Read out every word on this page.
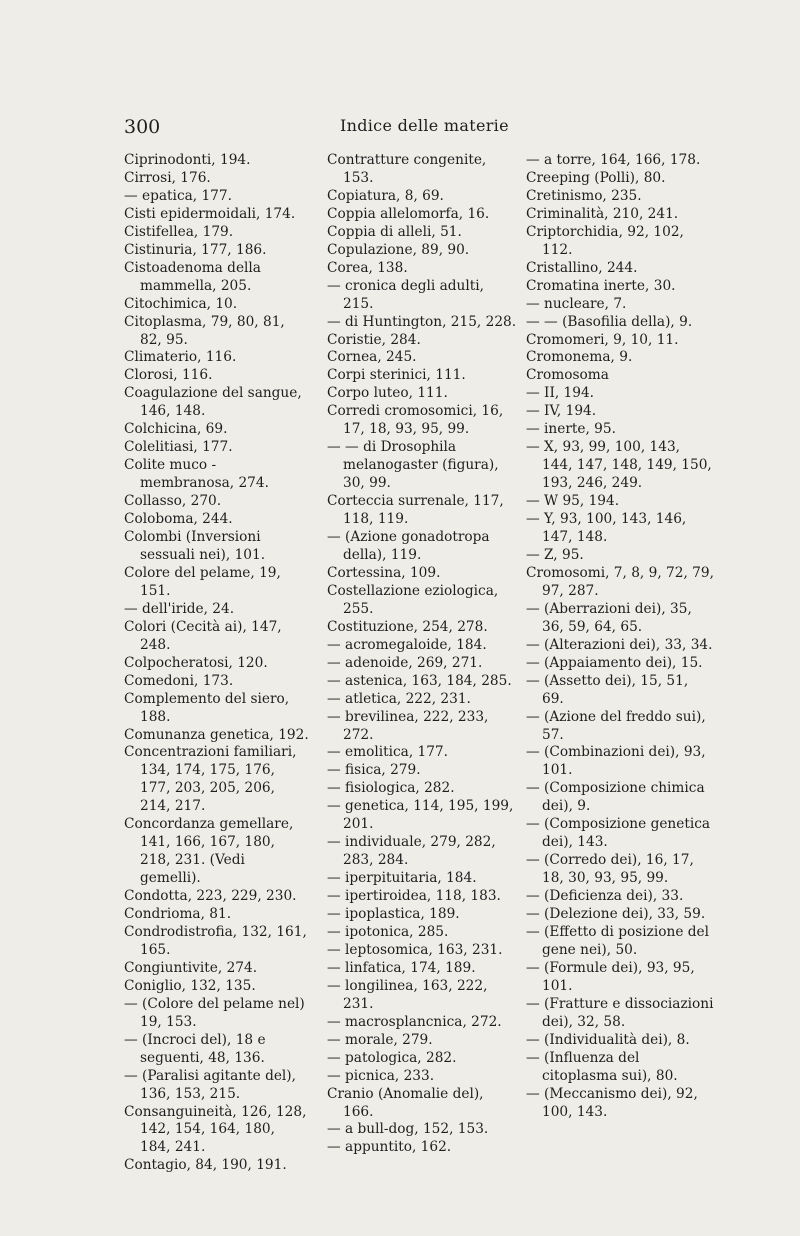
300	Indice delle materie
Ciprinodonti, 194.
Cirrosi, 176.
— epatica, 177.
Cisti epidermoidali, 174.
Cistifellea, 179.
Cistinuria, 177, 186.
Cistoadenoma della mammella, 205.
Citochimica, 10.
Citoplasma, 79, 80, 81, 82, 95.
Climaterio, 116.
Clorosi, 116.
Coagulazione del sangue, 146, 148.
Colchicina, 69.
Colelitiasi, 177.
Colite muco - membranosa, 274.
Collasso, 270.
Coloboma, 244.
Colombi (Inversioni sessuali nei), 101.
Colore del pelame, 19, 151.
— dell'iride, 24.
Colori (Cecità ai), 147, 248.
Colpocheratosi, 120.
Comedoni, 173.
Complemento del siero, 188.
Comunanza genetica, 192.
Concentrazioni familiari, 134, 174, 175, 176, 177, 203, 205, 206, 214, 217.
Concordanza gemellare, 141, 166, 167, 180, 218, 231. (Vedi gemelli).
Condotta, 223, 229, 230.
Condrioma, 81.
Condrodistrofia, 132, 161, 165.
Congiuntivite, 274.
Coniglio, 132, 135.
— (Colore del pelame nel) 19, 153.
— (Incroci del), 18 e seguenti, 48, 136.
— (Paralisi agitante del), 136, 153, 215.
Consanguineità, 126, 128, 142, 154, 164, 180, 184, 241.
Contagio, 84, 190, 191.
Contratture congenite, 153.
Copiatura, 8, 69.
Coppia allelomorfa, 16.
Coppia di alleli, 51.
Copulazione, 89, 90.
Corea, 138.
— cronica degli adulti, 215.
— di Huntington, 215, 228.
Coristie, 284.
Cornea, 245.
Corpi sterinici, 111.
Corpo luteo, 111.
Corredi cromosomici, 16, 17, 18, 93, 95, 99.
— — di Drosophila melanogaster (figura), 30, 99.
Corteccia surrenale, 117, 118, 119.
— (Azione gonadotropa della), 119.
Cortessina, 109.
Costellazione eziologica, 255.
Costituzione, 254, 278.
— acromegaloide, 184.
— adenoide, 269, 271.
— astenica, 163, 184, 285.
— atletica, 222, 231.
— brevilinea, 222, 233, 272.
— emolitica, 177.
— fisica, 279.
— fisiologica, 282.
— genetica, 114, 195, 199, 201.
— individuale, 279, 282, 283, 284.
— iperpituitaria, 184.
— ipertiroidea, 118, 183.
— ipoplastica, 189.
— ipotonica, 285.
— leptosomica, 163, 231.
— linfatica, 174, 189.
— longilinea, 163, 222, 231.
— macrosplancnica, 272.
— morale, 279.
— patologica, 282.
— picnica, 233.
Cranio (Anomalie del), 166.
— a bull-dog, 152, 153.
— appuntito, 162.
— a torre, 164, 166, 178.
Creeping (Polli), 80.
Cretinismo, 235.
Criminalità, 210, 241.
Criptorchidia, 92, 102, 112.
Cristallino, 244.
Cromatina inerte, 30.
— nucleare, 7.
— — (Basofilia della), 9.
Cromomeri, 9, 10, 11.
Cromonema, 9.
Cromosoma
— II, 194.
— IV, 194.
— inerte, 95.
— X, 93, 99, 100, 143, 144, 147, 148, 149, 150, 193, 246, 249.
— W 95, 194.
— Y, 93, 100, 143, 146, 147, 148.
— Z, 95.
Cromosomi, 7, 8, 9, 72, 79, 97, 287.
— (Aberrazioni dei), 35, 36, 59, 64, 65.
— (Alterazioni dei), 33, 34.
— (Appaiamento dei), 15.
— (Assetto dei), 15, 51, 69.
— (Azione del freddo sui), 57.
— (Combinazioni dei), 93, 101.
— (Composizione chimica dei), 9.
— (Composizione genetica dei), 143.
— (Corredo dei), 16, 17, 18, 30, 93, 95, 99.
— (Deficienza dei), 33.
— (Delezione dei), 33, 59.
— (Effetto di posizione del gene nei), 50.
— (Formule dei), 93, 95, 101.
— (Fratture e dissociazioni dei), 32, 58.
— (Individualità dei), 8.
— (Influenza del citoplasma sui), 80.
— (Meccanismo dei), 92, 100, 143.
